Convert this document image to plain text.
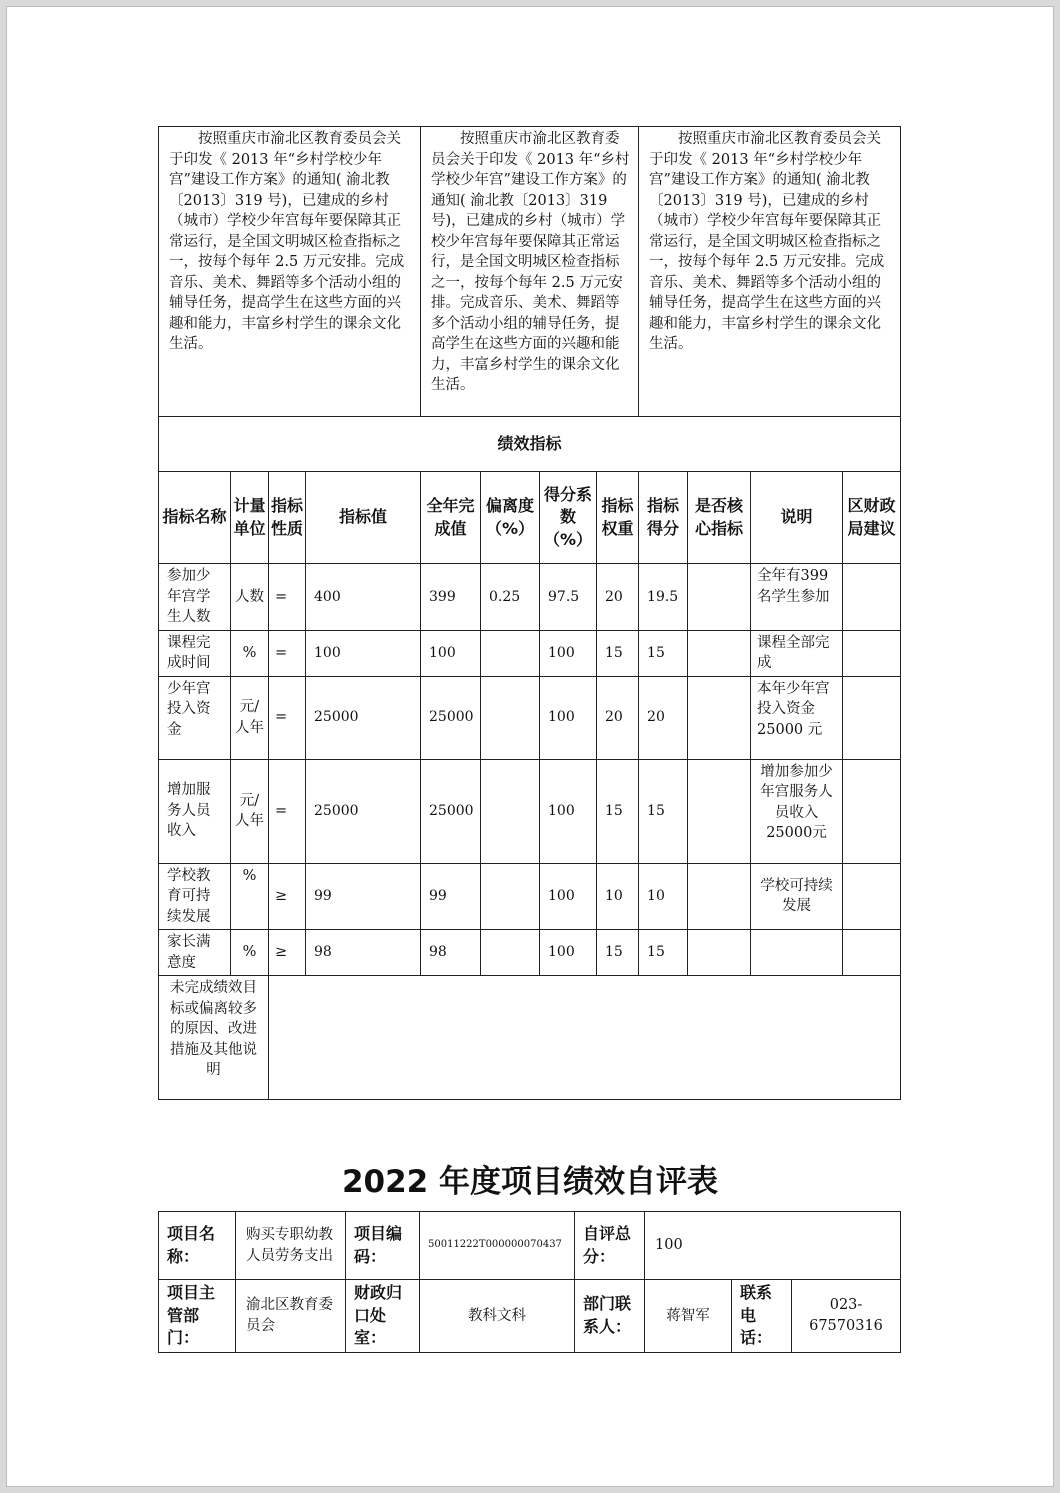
按照重庆市渝北区教育委员会关于印发《 2013 年“乡村学校少年宫”建设工作方案》的通知( 渝北教〔2013〕319 号)，已建成的乡村（城市）学校少年宫每年要保障其正常运行，是全国文明城区检查指标之一，按每个每年 2.5 万元安排。完成音乐、美术、舞蹈等多个活动小组的辅导任务，提高学生在这些方面的兴趣和能力，丰富乡村学生的课余文化生活。				按照重庆市渝北区教育委员会关于印发《 2013 年“乡村学校少年宫”建设工作方案》的通知( 渝北教〔2013〕319 号)，已建成的乡村（城市）学校少年宫每年要保障其正常运行，是全国文明城区检查指标之一，按每个每年 2.5 万元安排。完成音乐、美术、舞蹈等多个活动小组的辅导任务，提高学生在这些方面的兴趣和能力，丰富乡村学生的课余文化生活。				按照重庆市渝北区教育委员会关于印发《 2013 年“乡村学校少年宫”建设工作方案》的通知( 渝北教〔2013〕319 号)，已建成的乡村（城市）学校少年宫每年要保障其正常运行，是全国文明城区检查指标之一，按每个每年 2.5 万元安排。完成音乐、美术、舞蹈等多个活动小组的辅导任务，提高学生在这些方面的兴趣和能力，丰富乡村学生的课余文化生活。			
绩效指标											
指标名称	计量单位	指标性质	指标值	全年完成值	偏离度（%）	得分系数（%）	指标权重	指标得分	是否核心指标	说明	区财政局建议
参加少年宫学生人数	人数	=	400	399	0.25	97.5	20	19.5		全年有399 名学生参加	
课程完成时间	%	=	100	100		100	15	15		课程全部完成	
少年宫投入资金	元/人年	=	25000	25000		100	20	20		本年少年宫投入资金 25000 元	
增加服务人员收入	元/人年	=	25000	25000		100	15	15		增加参加少年宫服务人员收入 25000元	
学校教育可持续发展	%	≥	99	99		100	10	10		学校可持续发展	
家长满意度	%	≥	98	98		100	15	15			
未完成绩效目标或偏离较多的原因、改进措施及其他说明											
2022 年度项目绩效自评表
项目名称：	购买专职幼教人员劳务支出	项目编码：	50011222T000000070437	自评总分：	100		
项目主管部门：	渝北区教育委员会	财政归口处室：	教科文科	部门联系人：	蒋智军	联系电话：	023-67570316
